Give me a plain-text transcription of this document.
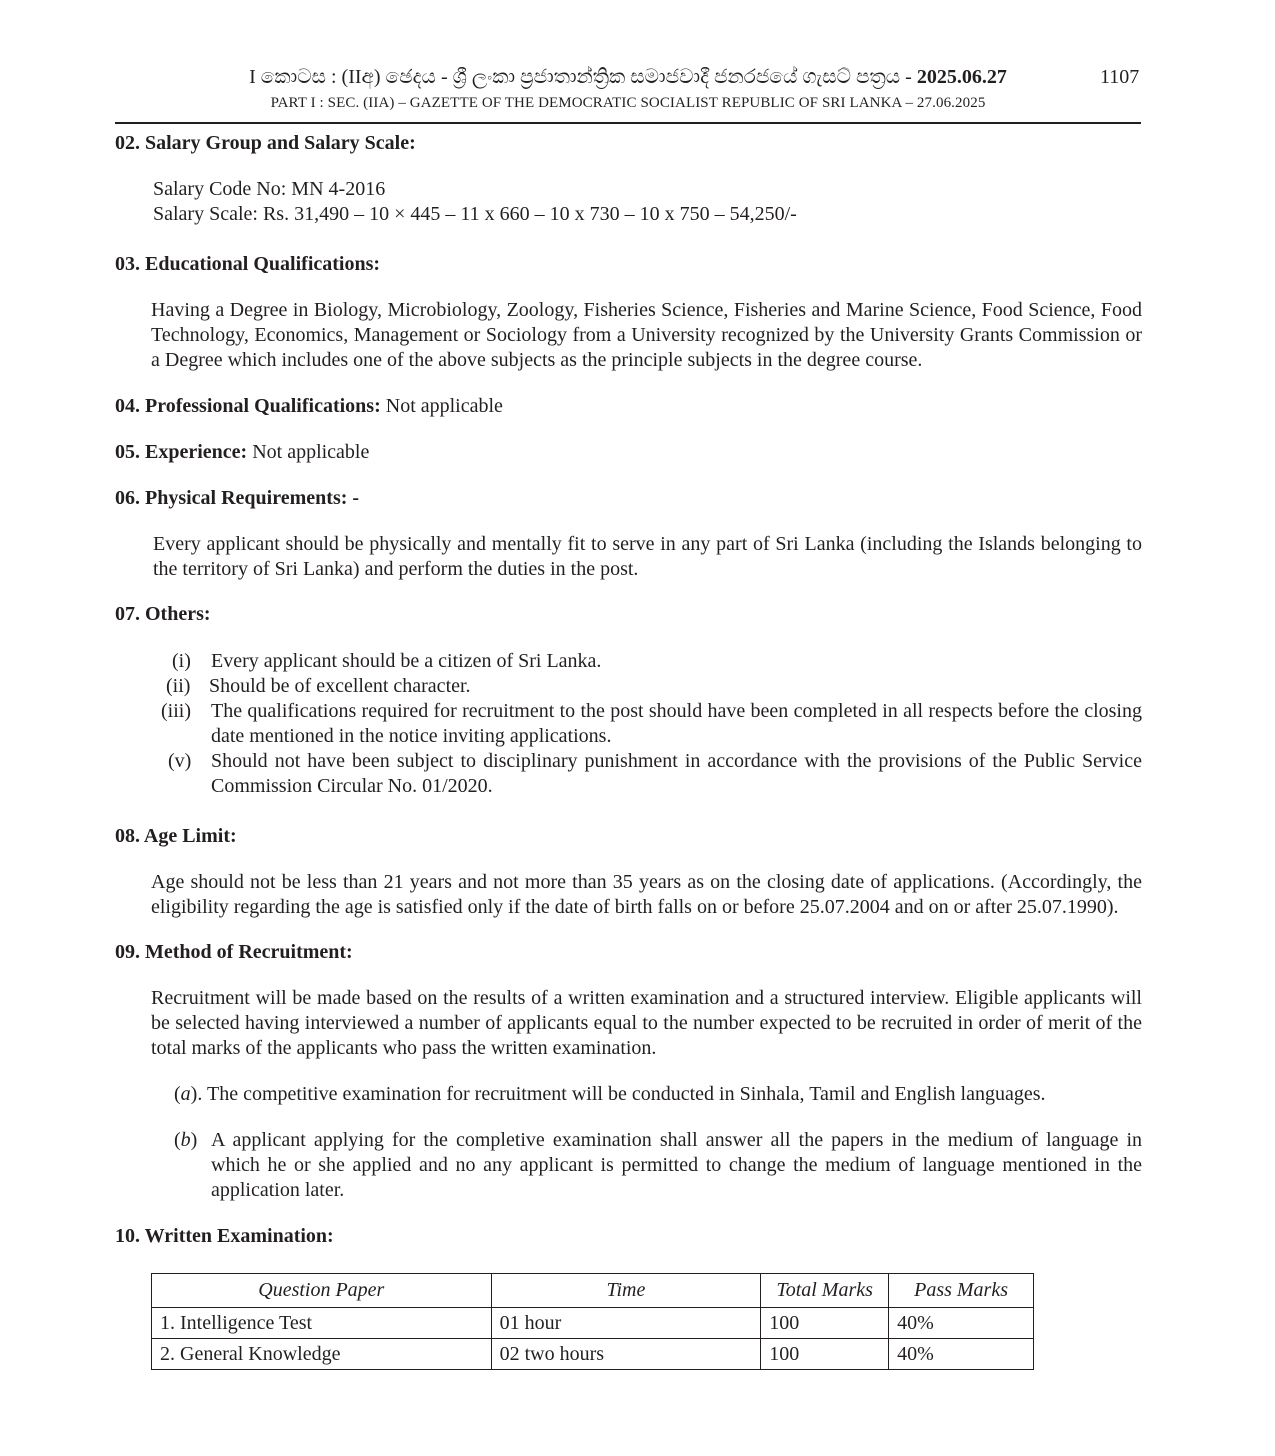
I කොටස : (IIඅ) ඡෙදය - ශ්‍රී ලංකා ප්‍රජාතාන්ත්‍රික සමාජවාදී ජනරජයේ ගැසට් පත්‍රය - 2025.06.27
PART I : SEC. (IIA) – GAZETTE OF THE DEMOCRATIC SOCIALIST REPUBLIC OF SRI LANKA – 27.06.2025
1107
02. Salary Group and Salary Scale:
Salary Code No: MN 4-2016
Salary Scale: Rs. 31,490 – 10 × 445 – 11 x 660 – 10 x 730 – 10 x 750 – 54,250/-
03. Educational Qualifications:
Having a Degree in Biology, Microbiology, Zoology, Fisheries Science, Fisheries and Marine Science, Food Science, Food Technology, Economics, Management or Sociology from a University recognized by the University Grants Commission or a Degree which includes one of the above subjects as the principle subjects in the degree course.
04. Professional Qualifications: Not applicable
05. Experience: Not applicable
06. Physical Requirements: -
Every applicant should be physically and mentally fit to serve in any part of Sri Lanka (including the Islands belonging to the territory of Sri Lanka) and perform the duties in the post.
07. Others:
(i) Every applicant should be a citizen of Sri Lanka.
(ii) Should be of excellent character.
(iii) The qualifications required for recruitment to the post should have been completed in all respects before the closing date mentioned in the notice inviting applications.
(v) Should not have been subject to disciplinary punishment in accordance with the provisions of the Public Service Commission Circular No. 01/2020.
08. Age Limit:
Age should not be less than 21 years and not more than 35 years as on the closing date of applications. (Accordingly, the eligibility regarding the age is satisfied only if the date of birth falls on or before 25.07.2004 and on or after 25.07.1990).
09. Method of Recruitment:
Recruitment will be made based on the results of a written examination and a structured interview. Eligible applicants will be selected having interviewed a number of applicants equal to the number expected to be recruited in order of merit of the total marks of the applicants who pass the written examination.
(a). The competitive examination for recruitment will be conducted in Sinhala, Tamil and English languages.
(b) A applicant applying for the completive examination shall answer all the papers in the medium of language in which he or she applied and no any applicant is permitted to change the medium of language mentioned in the application later.
10. Written Examination:
Question Paper	Time	Total Marks	Pass Marks
1. Intelligence Test	01 hour	100	40%
2. General Knowledge	02 two hours	100	40%
